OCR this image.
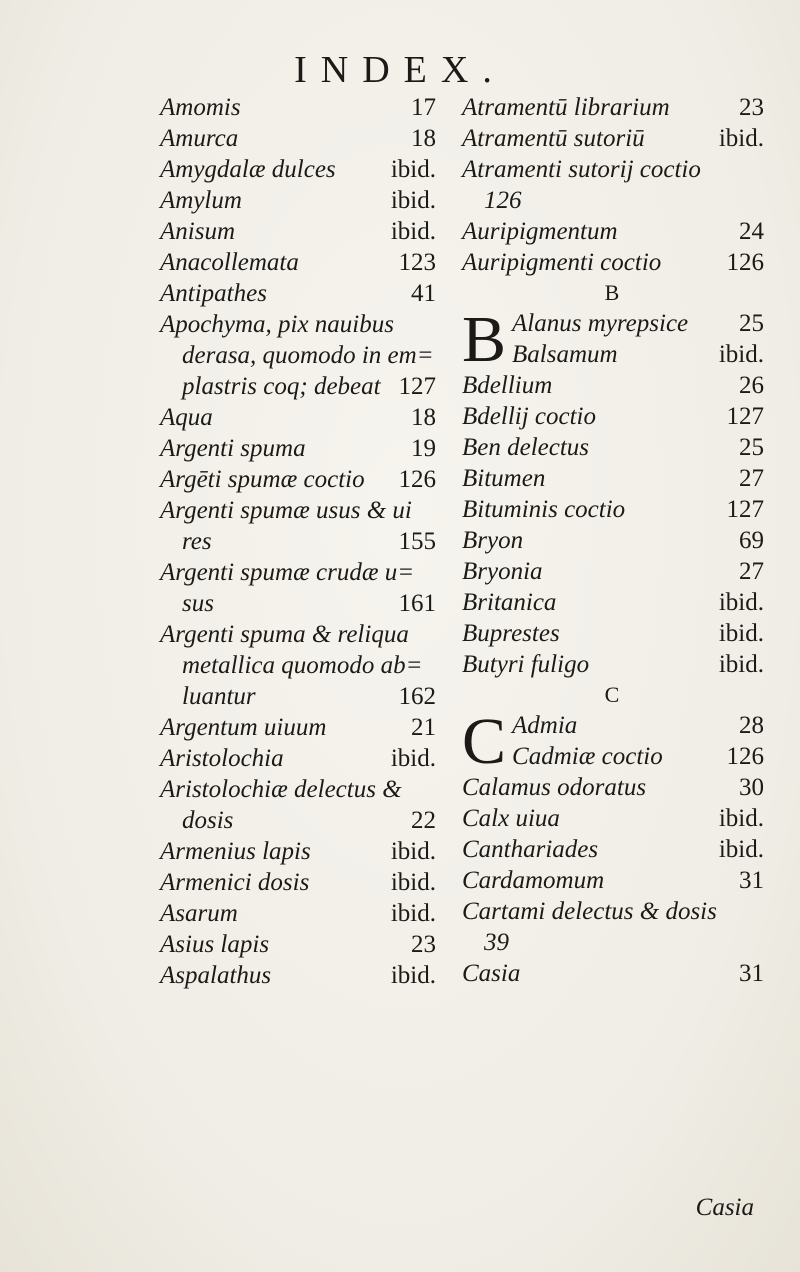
INDEX.
Amomis	17
Amurca	18
Amygdalæ dulces	ibid.
Amylum	ibid.
Anisum	ibid.
Anacollemata	123
Antipathes	41
Apochyma, pix nauibus
derasa, quomodo in em=
plastris coq; debeat 127
Aqua	18
Argenti spuma	19
Argēti spumæ coctio	126
Argenti spumæ usus & ui
res	155
Argenti spumæ crudæ u=
sus	161
Argenti spuma & reliqua
metallica quomodo ab=
luantur	162
Argentum uiuum	21
Aristolochia	ibid.
Aristolochiæ delectus &
dosis	22
Armenius lapis	ibid.
Armenici dosis	ibid.
Asarum	ibid.
Asius lapis	23
Aspalathus	ibid.
Atramentū librarium	23
Atramentū sutoriū	ibid.
Atramenti sutorij coctio
126
Auripigmentum	24
Auripigmenti coctio	126
B
B Alanus myrepsice	25
Balsamum	ibid.
Bdellium	26
Bdellij coctio	127
Ben delectus	25
Bitumen	27
Bituminis coctio	127
Bryon	69
Bryonia	27
Britanica	ibid.
Buprestes	ibid.
Butyri fuligo	ibid.
C
C Admia	28
Cadmiæ coctio	126
Calamus odoratus	30
Calx uiua	ibid.
Canthariades	ibid.
Cardamomum	31
Cartami delectus & dosis
39
Casia	31
Casia
